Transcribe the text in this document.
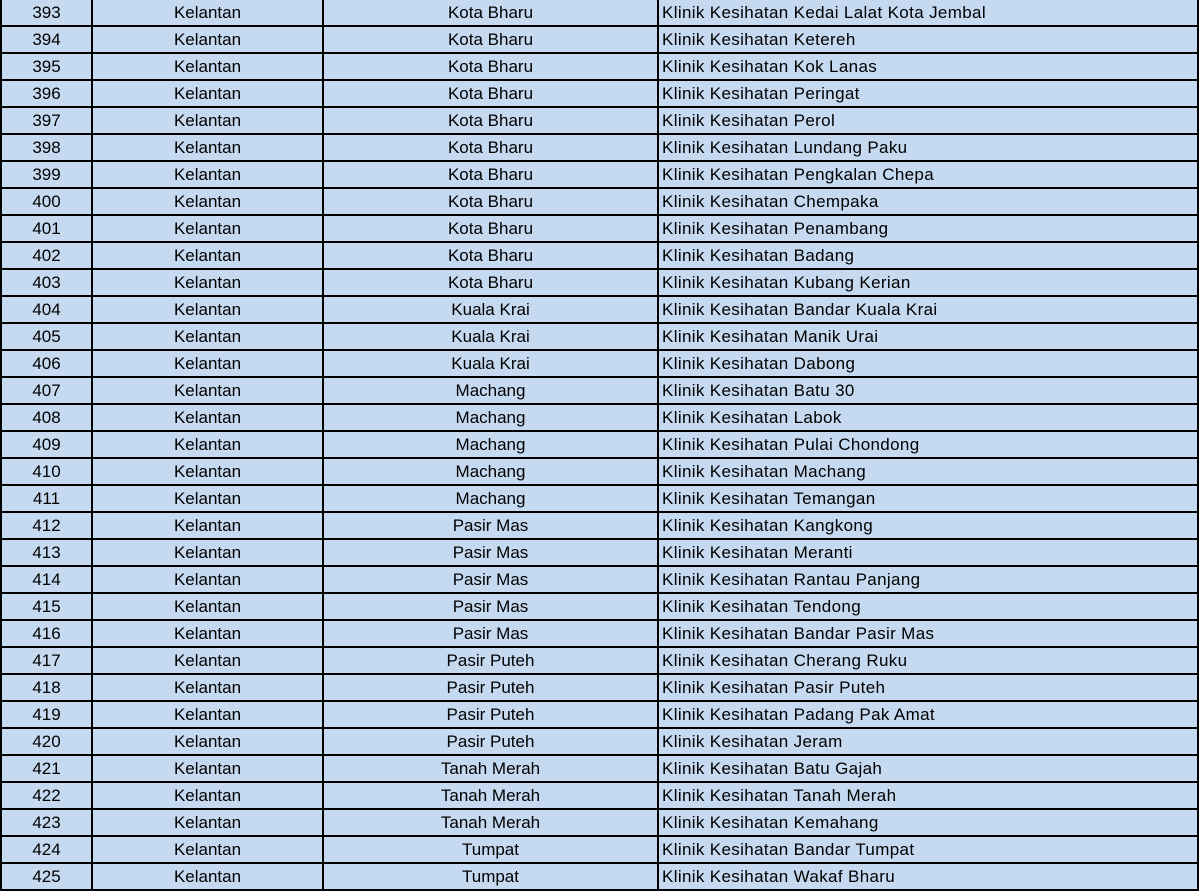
393	Kelantan	Kota Bharu	Klinik Kesihatan Kedai Lalat Kota Jembal
394	Kelantan	Kota Bharu	Klinik Kesihatan Ketereh
395	Kelantan	Kota Bharu	Klinik Kesihatan Kok Lanas
396	Kelantan	Kota Bharu	Klinik Kesihatan Peringat
397	Kelantan	Kota Bharu	Klinik Kesihatan Perol
398	Kelantan	Kota Bharu	Klinik Kesihatan Lundang Paku
399	Kelantan	Kota Bharu	Klinik Kesihatan Pengkalan Chepa
400	Kelantan	Kota Bharu	Klinik Kesihatan Chempaka
401	Kelantan	Kota Bharu	Klinik Kesihatan Penambang
402	Kelantan	Kota Bharu	Klinik Kesihatan Badang
403	Kelantan	Kota Bharu	Klinik Kesihatan Kubang Kerian
404	Kelantan	Kuala Krai	Klinik Kesihatan Bandar Kuala Krai
405	Kelantan	Kuala Krai	Klinik Kesihatan Manik Urai
406	Kelantan	Kuala Krai	Klinik Kesihatan Dabong
407	Kelantan	Machang	Klinik Kesihatan Batu 30
408	Kelantan	Machang	Klinik Kesihatan Labok
409	Kelantan	Machang	Klinik Kesihatan Pulai Chondong
410	Kelantan	Machang	Klinik Kesihatan Machang
411	Kelantan	Machang	Klinik Kesihatan Temangan
412	Kelantan	Pasir Mas	Klinik Kesihatan Kangkong
413	Kelantan	Pasir Mas	Klinik Kesihatan Meranti
414	Kelantan	Pasir Mas	Klinik Kesihatan Rantau Panjang
415	Kelantan	Pasir Mas	Klinik Kesihatan Tendong
416	Kelantan	Pasir Mas	Klinik Kesihatan Bandar Pasir Mas
417	Kelantan	Pasir Puteh	Klinik Kesihatan Cherang Ruku
418	Kelantan	Pasir Puteh	Klinik Kesihatan Pasir Puteh
419	Kelantan	Pasir Puteh	Klinik Kesihatan Padang Pak Amat
420	Kelantan	Pasir Puteh	Klinik Kesihatan Jeram
421	Kelantan	Tanah Merah	Klinik Kesihatan Batu Gajah
422	Kelantan	Tanah Merah	Klinik Kesihatan Tanah Merah
423	Kelantan	Tanah Merah	Klinik Kesihatan Kemahang
424	Kelantan	Tumpat	Klinik Kesihatan Bandar Tumpat
425	Kelantan	Tumpat	Klinik Kesihatan Wakaf Bharu
